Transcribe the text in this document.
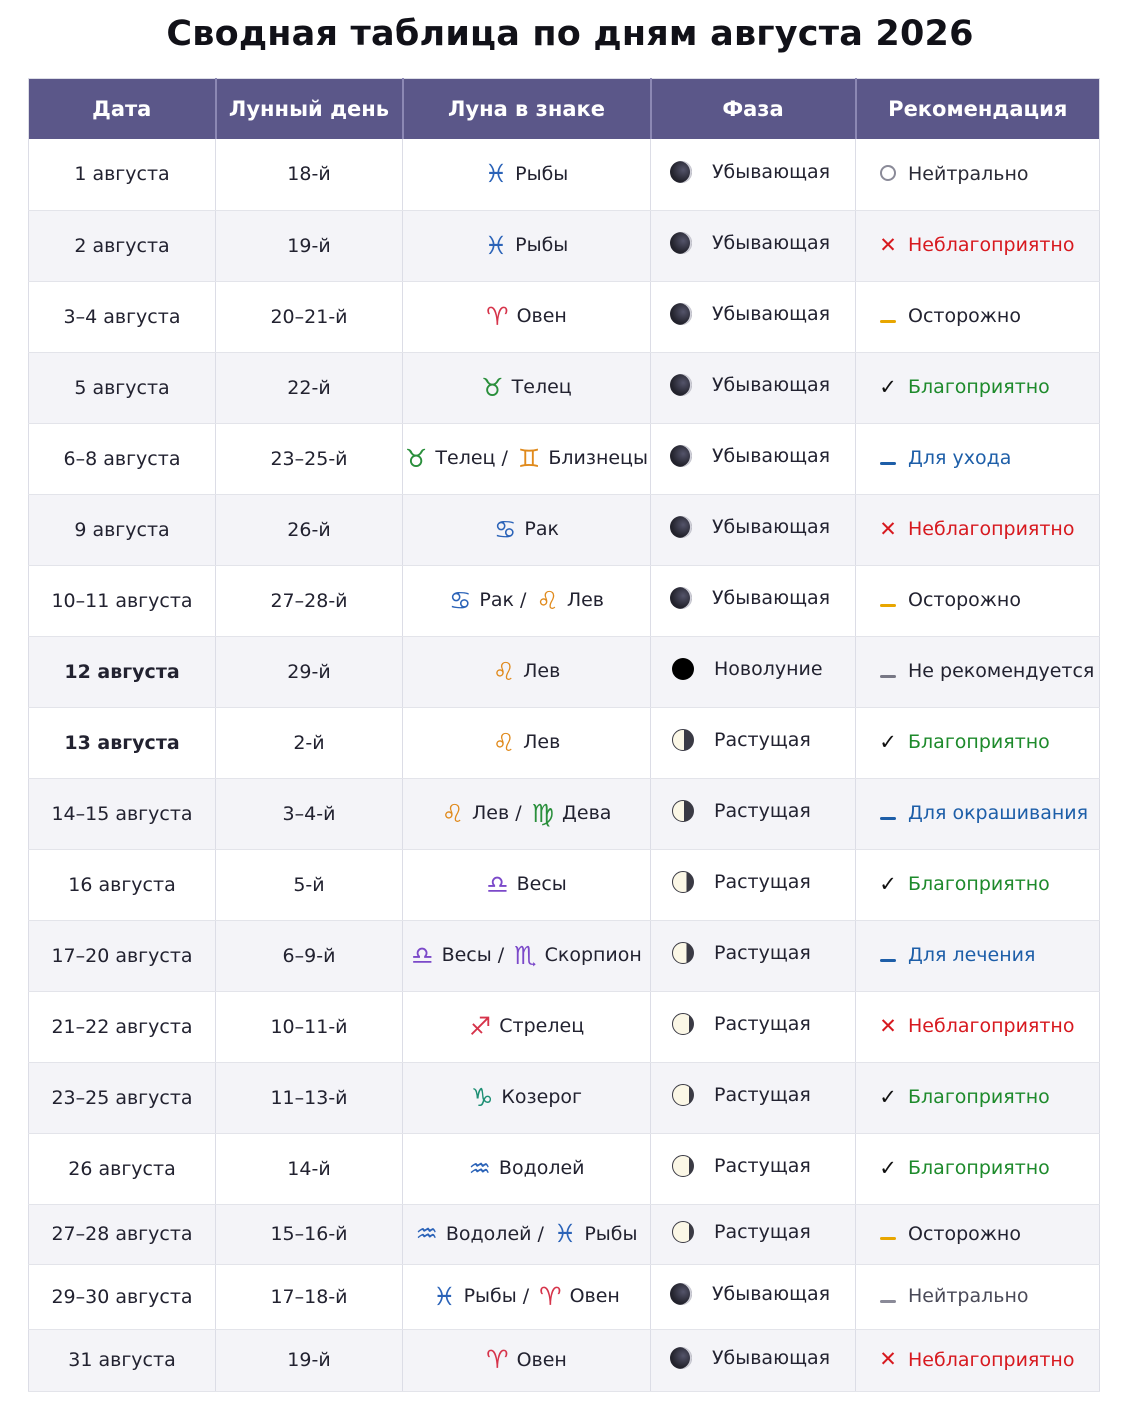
Сводная таблица по дням августа 2026
Дата	Лунный день	Луна в знаке	Фаза	Рекомендация
1 августа	18-й	♓ Рыбы	Убывающая	Нейтрально

2 августа	19-й	♓ Рыбы	Убывающая	✕ Неблагоприятно

3–4 августа	20–21-й	♈ Овен	Убывающая	Осторожно

5 августа	22-й	♉ Телец	Убывающая	✓ Благоприятно

6–8 августа	23–25-й	♉ Телец / ♊ Близнецы	Убывающая	Для ухода

9 августа	26-й	♋ Рак	Убывающая	✕ Неблагоприятно

10–11 августа	27–28-й	♋ Рак / ♌ Лев	Убывающая	Осторожно

12 августа	29-й	♌ Лев	Новолуние	Не рекомендуется

13 августа	2-й	♌ Лев	Растущая	✓ Благоприятно

14–15 августа	3–4-й	♌ Лев / ♍ Дева	Растущая	Для окрашивания

16 августа	5-й	♎ Весы	Растущая	✓ Благоприятно

17–20 августа	6–9-й	♎ Весы / ♏ Скорпион	Растущая	Для лечения

21–22 августа	10–11-й	♐ Стрелец	Растущая	✕ Неблагоприятно

23–25 августа	11–13-й	♑ Козерог	Растущая	✓ Благоприятно

26 августа	14-й	♒ Водолей	Растущая	✓ Благоприятно

27–28 августа	15–16-й	♒ Водолей / ♓ Рыбы	Растущая	Осторожно

29–30 августа	17–18-й	♓ Рыбы / ♈ Овен	Убывающая	Нейтрально

31 августа	19-й	♈ Овен	Убывающая	✕ Неблагоприятно
